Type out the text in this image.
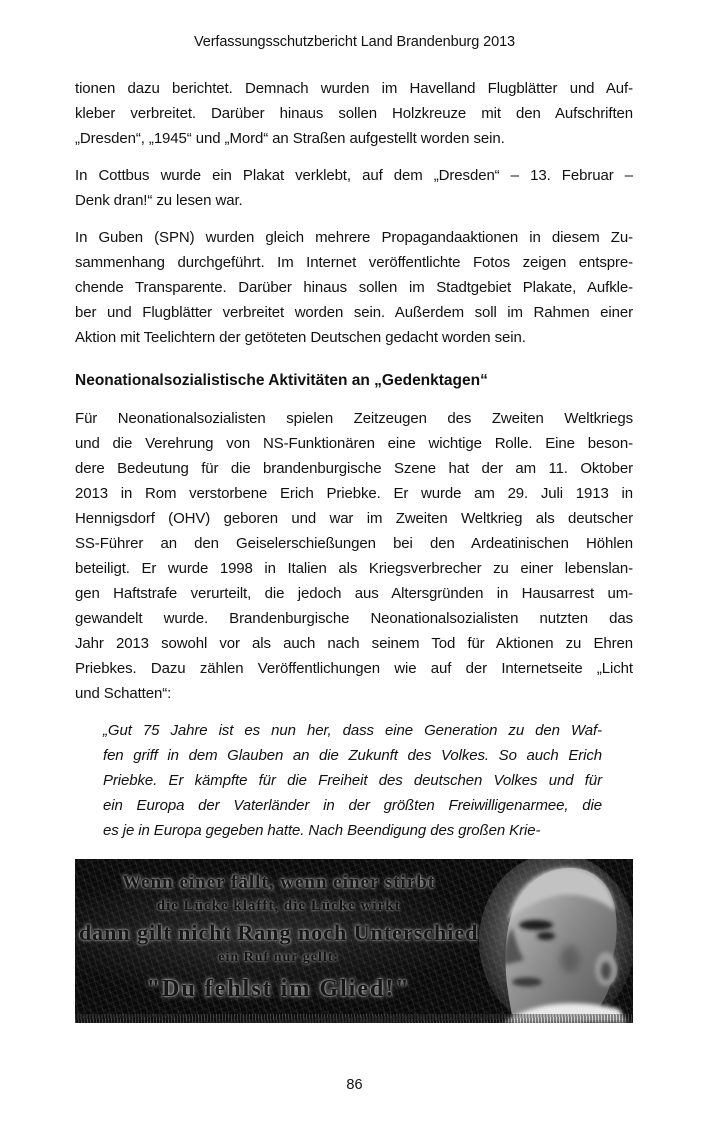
Verfassungsschutzbericht Land Brandenburg 2013
tionen dazu berichtet. Demnach wurden im Havelland Flugblätter und Auf-
kleber verbreitet. Darüber hinaus sollen Holzkreuze mit den Aufschriften
„Dresden“, „1945“ und „Mord“ an Straßen aufgestellt worden sein.
In Cottbus wurde ein Plakat verklebt, auf dem „Dresden“ – 13. Februar –
Denk dran!“ zu lesen war.
In Guben (SPN) wurden gleich mehrere Propagandaaktionen in diesem Zu-
sammenhang durchgeführt. Im Internet veröffentlichte Fotos zeigen entspre-
chende Transparente. Darüber hinaus sollen im Stadtgebiet Plakate, Aufkle-
ber und Flugblätter verbreitet worden sein. Außerdem soll im Rahmen einer
Aktion mit Teelichtern der getöteten Deutschen gedacht worden sein.
Neonationalsozialistische Aktivitäten an „Gedenktagen“
Für Neonationalsozialisten spielen Zeitzeugen des Zweiten Weltkriegs
und die Verehrung von NS-Funktionären eine wichtige Rolle. Eine beson-
dere Bedeutung für die brandenburgische Szene hat der am 11. Oktober
2013 in Rom verstorbene Erich Priebke. Er wurde am 29. Juli 1913 in
Hennigsdorf (OHV) geboren und war im Zweiten Weltkrieg als deutscher
SS-Führer an den Geiselerschießungen bei den Ardeatinischen Höhlen
beteiligt. Er wurde 1998 in Italien als Kriegsverbrecher zu einer lebenslan-
gen Haftstrafe verurteilt, die jedoch aus Altersgründen in Hausarrest um-
gewandelt wurde. Brandenburgische Neonationalsozialisten nutzten das
Jahr 2013 sowohl vor als auch nach seinem Tod für Aktionen zu Ehren
Priebkes. Dazu zählen Veröffentlichungen wie auf der Internetseite „Licht
und Schatten“:
„Gut 75 Jahre ist es nun her, dass eine Generation zu den Waf-
fen griff in dem Glauben an die Zukunft des Volkes. So auch Erich
Priebke. Er kämpfte für die Freiheit des deutschen Volkes und für
ein Europa der Vaterländer in der größten Freiwilligenarmee, die
es je in Europa gegeben hatte. Nach Beendigung des großen Krie-
Wenn einer fällt, wenn einer stirbt
die Lücke klafft, die Lücke wirkt
dann gilt nicht Rang noch Unterschied
ein Ruf nur gellt:
"Du fehlst im Glied!"
86
